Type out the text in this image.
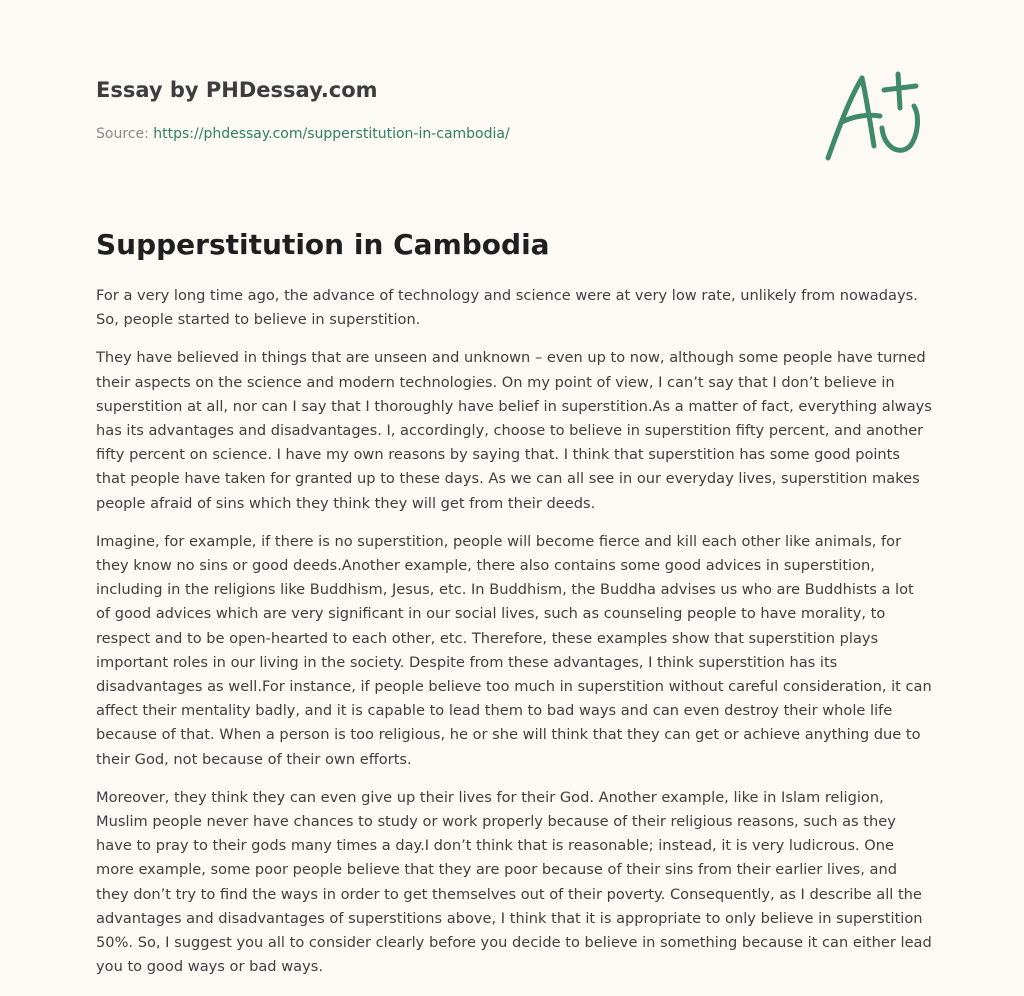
Essay by PHDessay.com
Source: https://phdessay.com/supperstitution-in-cambodia/
Supperstitution in Cambodia

For a very long time ago, the advance of technology and science were at very low rate, unlikely from nowadays. So, people started to believe in superstition.

They have believed in things that are unseen and unknown – even up to now, although some people have turned their aspects on the science and modern technologies. On my point of view, I can’t say that I don’t believe in superstition at all, nor can I say that I thoroughly have belief in superstition.As a matter of fact, everything always has its advantages and disadvantages. I, accordingly, choose to believe in superstition fifty percent, and another fifty percent on science. I have my own reasons by saying that. I think that superstition has some good points that people have taken for granted up to these days. As we can all see in our everyday lives, superstition makes people afraid of sins which they think they will get from their deeds.

Imagine, for example, if there is no superstition, people will become fierce and kill each other like animals, for they know no sins or good deeds.Another example, there also contains some good advices in superstition, including in the religions like Buddhism, Jesus, etc. In Buddhism, the Buddha advises us who are Buddhists a lot of good advices which are very significant in our social lives, such as counseling people to have morality, to respect and to be open-hearted to each other, etc. Therefore, these examples show that superstition plays important roles in our living in the society. Despite from these advantages, I think superstition has its disadvantages as well.For instance, if people believe too much in superstition without careful consideration, it can affect their mentality badly, and it is capable to lead them to bad ways and can even destroy their whole life because of that. When a person is too religious, he or she will think that they can get or achieve anything due to their God, not because of their own efforts.

Moreover, they think they can even give up their lives for their God. Another example, like in Islam religion, Muslim people never have chances to study or work properly because of their religious reasons, such as they have to pray to their gods many times a day.I don’t think that is reasonable; instead, it is very ludicrous. One more example, some poor people believe that they are poor because of their sins from their earlier lives, and they don’t try to find the ways in order to get themselves out of their poverty. Consequently, as I describe all the advantages and disadvantages of superstitions above, I think that it is appropriate to only believe in superstition 50%. So, I suggest you all to consider clearly before you decide to believe in something because it can either lead you to good ways or bad ways.
